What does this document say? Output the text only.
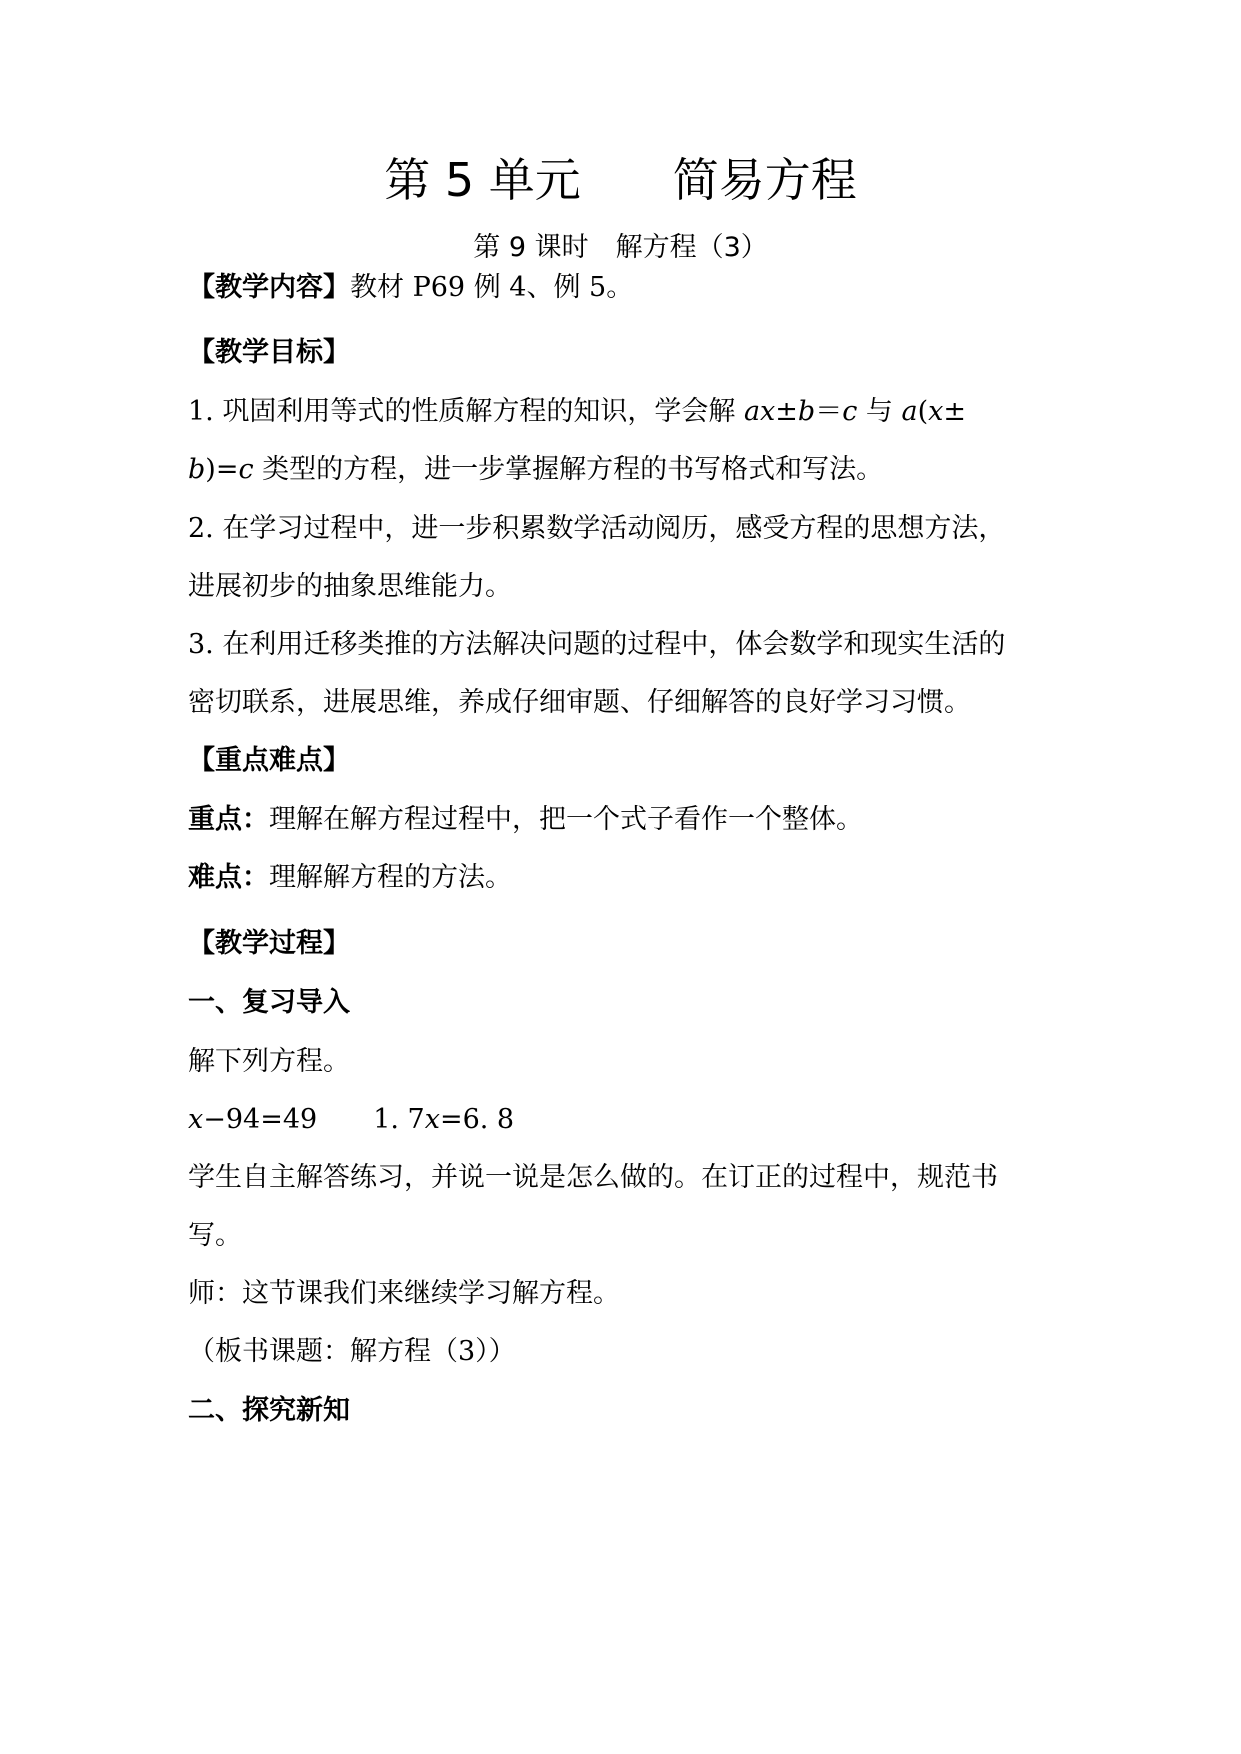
第 5 单元　　简易方程
第 9 课时　解方程（3）
【教学内容】教材 P69 例 4、例 5。
【教学目标】
1. 巩固利用等式的性质解方程的知识，学会解 ax±b＝c 与 a(x±
b)=c 类型的方程，进一步掌握解方程的书写格式和写法。
2. 在学习过程中，进一步积累数学活动阅历，感受方程的思想方法，
进展初步的抽象思维能力。
3. 在利用迁移类推的方法解决问题的过程中，体会数学和现实生活的
密切联系，进展思维，养成仔细审题、仔细解答的良好学习习惯。
【重点难点】
重点：理解在解方程过程中，把一个式子看作一个整体。
难点：理解解方程的方法。
【教学过程】
一、复习导入
解下列方程。
x−94=49 1. 7x=6. 8
学生自主解答练习，并说一说是怎么做的。在订正的过程中，规范书
写。
师：这节课我们来继续学习解方程。
（板书课题：解方程（3））
二、探究新知
